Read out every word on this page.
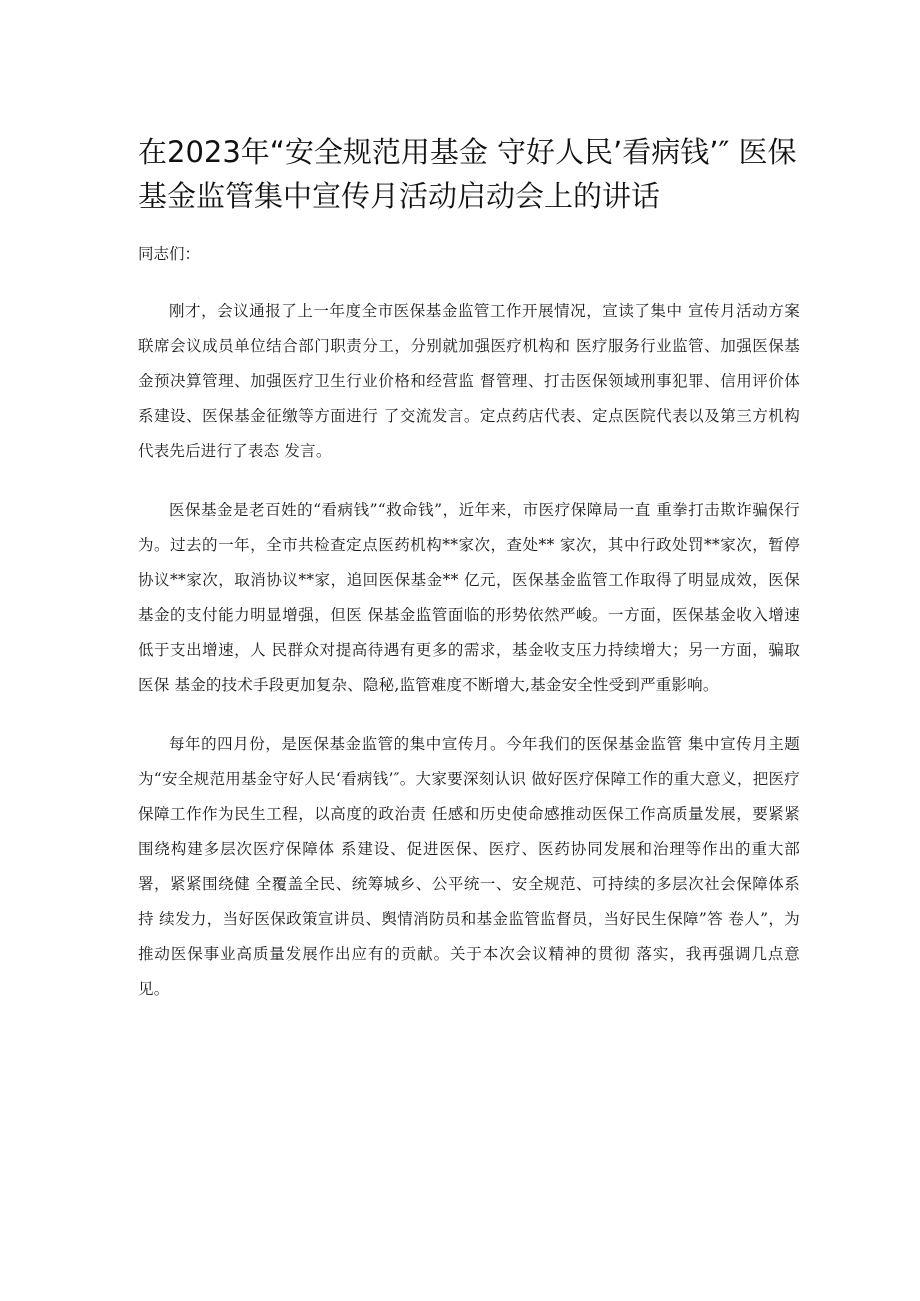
在2023年“安全规范用基金 守好人民’看病钱’″ 医保
基金监管集中宣传月活动启动会上的讲话

同志们：

刚才，会议通报了上一年度全市医保基金监管工作开展情况，宣读了集中 宣传月活动方案 联席会议成员单位结合部门职责分工，分别就加强医疗机构和 医疗服务行业监管、加强医保基金预决算管理、加强医疗卫生行业价格和经营监 督管理、打击医保领域刑事犯罪、信用评价体系建设、医保基金征缴等方面进行 了交流发言。定点药店代表、定点医院代表以及第三方机构代表先后进行了表态 发言。

医保基金是老百姓的“看病钱”“救命钱”，近年来，市医疗保障局一直 重拳打击欺诈骗保行为。过去的一年，全市共检查定点医药机构**家次，查处** 家次，其中行政处罚**家次，暂停协议**家次，取消协议**家，追回医保基金** 亿元，医保基金监管工作取得了明显成效，医保基金的支付能力明显增强，但医 保基金监管面临的形势依然严峻。一方面，医保基金收入增速低于支出增速，人 民群众对提高待遇有更多的需求，基金收支压力持续增大；另一方面，骗取医保 基金的技术手段更加复杂、隐秘,监管难度不断增大,基金安全性受到严重影响。

每年的四月份，是医保基金监管的集中宣传月。今年我们的医保基金监管 集中宣传月主题为“安全规范用基金守好人民‘看病钱’″。大家要深刻认识 做好医疗保障工作的重大意义，把医疗保障工作作为民生工程，以高度的政治责 任感和历史使命感推动医保工作高质量发展，要紧紧围绕构建多层次医疗保障体 系建设、促进医保、医疗、医药协同发展和治理等作出的重大部署，紧紧围绕健 全覆盖全民、统筹城乡、公平统一、安全规范、可持续的多层次社会保障体系持 续发力，当好医保政策宣讲员、舆情消防员和基金监管监督员，当好民生保障”答 卷人”，为推动医保事业高质量发展作出应有的贡献。关于本次会议精神的贯彻 落实，我再强调几点意见。
